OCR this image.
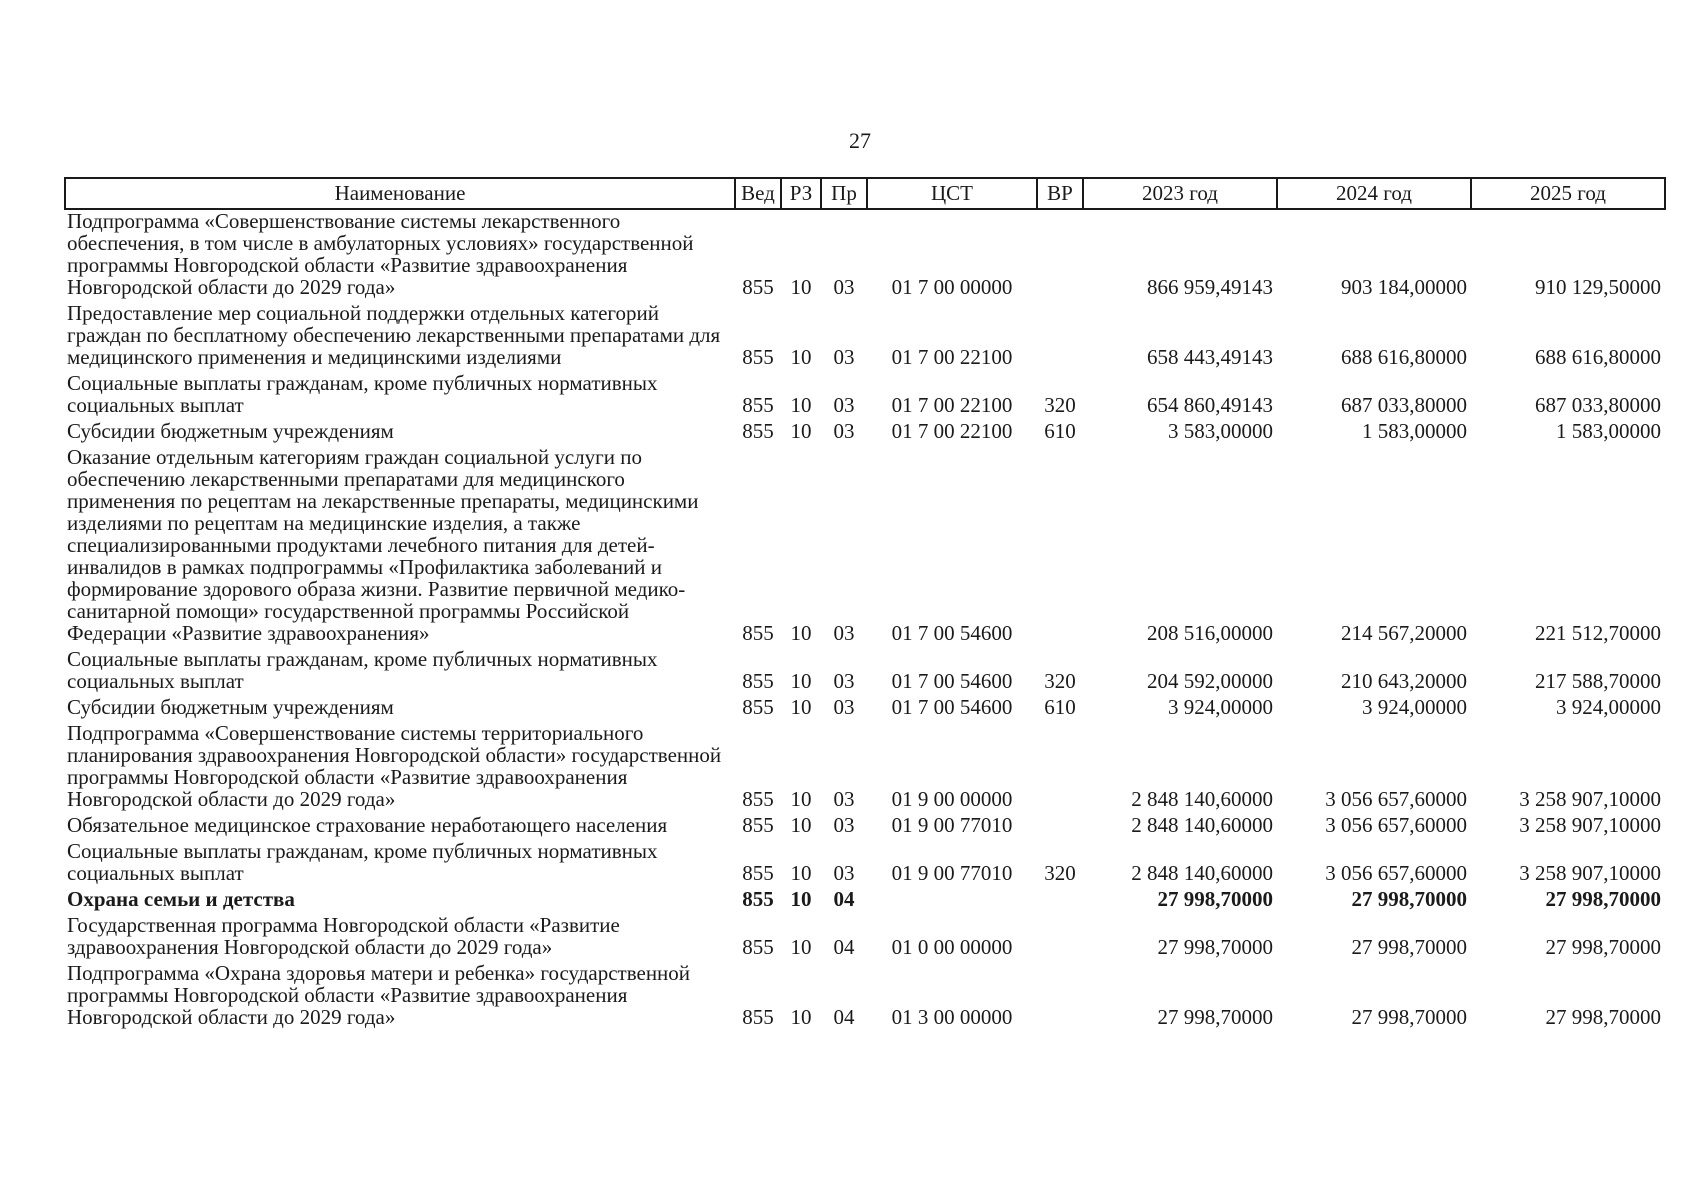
27
Наименование	Вед	РЗ	Пр	ЦСТ	ВР	2023 год	2024 год	2025 год
Подпрограмма «Совершенствование системы лекарственного обеспечения, в том числе в амбулаторных условиях» государственной программы Новгородской области «Развитие здравоохранения Новгородской области до 2029 года»	855	10	03	01 7 00 00000		866 959,49143	903 184,00000	910 129,50000
Предоставление мер социальной поддержки отдельных категорий граждан по бесплатному обеспечению лекарственными препаратами для медицинского применения и медицинскими изделиями	855	10	03	01 7 00 22100		658 443,49143	688 616,80000	688 616,80000
Социальные выплаты гражданам, кроме публичных нормативных социальных выплат	855	10	03	01 7 00 22100	320	654 860,49143	687 033,80000	687 033,80000
Субсидии бюджетным учреждениям	855	10	03	01 7 00 22100	610	3 583,00000	1 583,00000	1 583,00000
Оказание отдельным категориям граждан социальной услуги по обеспечению лекарственными препаратами для медицинского применения по рецептам на лекарственные препараты, медицинскими изделиями по рецептам на медицинские изделия, а также специализированными продуктами лечебного питания для детей-инвалидов в рамках подпрограммы «Профилактика заболеваний и формирование здорового образа жизни. Развитие первичной медико-санитарной помощи» государственной программы Российской Федерации «Развитие здравоохранения»	855	10	03	01 7 00 54600		208 516,00000	214 567,20000	221 512,70000
Социальные выплаты гражданам, кроме публичных нормативных социальных выплат	855	10	03	01 7 00 54600	320	204 592,00000	210 643,20000	217 588,70000
Субсидии бюджетным учреждениям	855	10	03	01 7 00 54600	610	3 924,00000	3 924,00000	3 924,00000
Подпрограмма «Совершенствование системы территориального планирования здравоохранения Новгородской области» государственной программы Новгородской области «Развитие здравоохранения Новгородской области до 2029 года»	855	10	03	01 9 00 00000		2 848 140,60000	3 056 657,60000	3 258 907,10000
Обязательное медицинское страхование неработающего населения	855	10	03	01 9 00 77010		2 848 140,60000	3 056 657,60000	3 258 907,10000
Социальные выплаты гражданам, кроме публичных нормативных социальных выплат	855	10	03	01 9 00 77010	320	2 848 140,60000	3 056 657,60000	3 258 907,10000
Охрана семьи и детства	855	10	04			27 998,70000	27 998,70000	27 998,70000
Государственная программа Новгородской области «Развитие здравоохранения Новгородской области до 2029 года»	855	10	04	01 0 00 00000		27 998,70000	27 998,70000	27 998,70000
Подпрограмма «Охрана здоровья матери и ребенка» государственной программы Новгородской области «Развитие здравоохранения Новгородской области до 2029 года»	855	10	04	01 3 00 00000		27 998,70000	27 998,70000	27 998,70000
